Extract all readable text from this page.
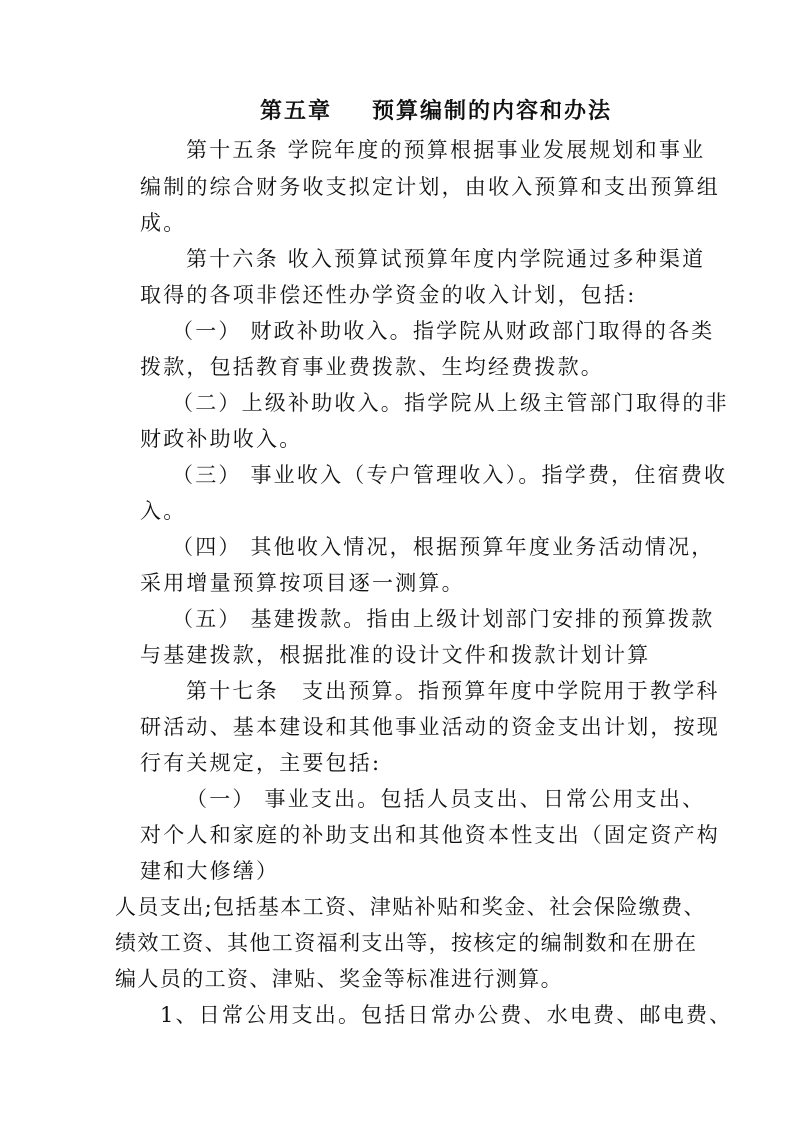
第五章 预算编制的内容和办法
第十五条 学院年度的预算根据事业发展规划和事业
编制的综合财务收支拟定计划，由收入预算和支出预算组
成。
第十六条 收入预算试预算年度内学院通过多种渠道
取得的各项非偿还性办学资金的收入计划，包括:
（一） 财政补助收入。指学院从财政部门取得的各类
拨款，包括教育事业费拨款、生均经费拨款。
（二）上级补助收入。指学院从上级主管部门取得的非
财政补助收入。
（三） 事业收入（专户管理收入）。指学费，住宿费收
入。
（四） 其他收入情况，根据预算年度业务活动情况，
采用增量预算按项目逐一测算。
（五） 基建拨款。指由上级计划部门安排的预算拨款
与基建拨款，根据批准的设计文件和拨款计划计算
第十七条　支出预算。指预算年度中学院用于教学科
研活动、基本建设和其他事业活动的资金支出计划，按现
行有关规定，主要包括:
（一） 事业支出。包括人员支出、日常公用支出、
对个人和家庭的补助支出和其他资本性支出（固定资产构
建和大修缮）
人员支出;包括基本工资、津贴补贴和奖金、社会保险缴费、
绩效工资、其他工资福利支出等，按核定的编制数和在册在
编人员的工资、津贴、奖金等标准进行测算。
1、日常公用支出。包括日常办公费、水电费、邮电费、
